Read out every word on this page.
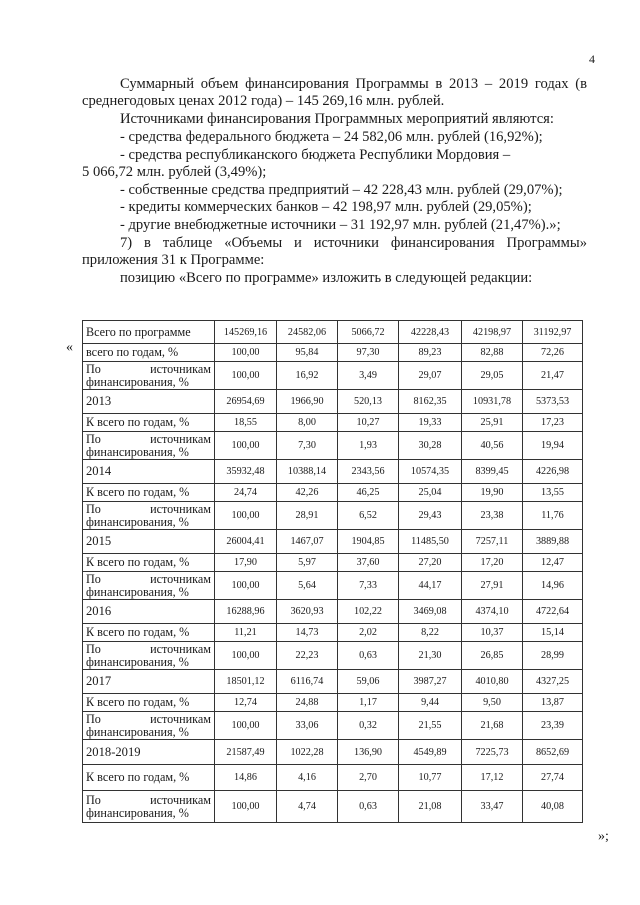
4
Суммарный объем финансирования Программы в 2013 – 2019 годах (в
среднегодовых ценах 2012 года) – 145 269,16 млн. рублей.
Источниками финансирования Программных мероприятий являются:
- средства федерального бюджета – 24 582,06 млн. рублей (16,92%);
- средства республиканского бюджета Республики Мордовия –
5 066,72 млн. рублей (3,49%);
- собственные средства предприятий – 42 228,43 млн. рублей (29,07%);
- кредиты коммерческих банков – 42 198,97 млн. рублей (29,05%);
- другие внебюджетные источники – 31 192,97 млн. рублей (21,47%).»;
7) в таблице «Объемы и источники финансирования Программы»
приложения 31 к Программе:
позицию «Всего по программе» изложить в следующей редакции:
«
»;
Всего по программе	145269,16	24582,06	5066,72	42228,43	42198,97	31192,97
всего по годам, %	100,00	95,84	97,30	89,23	82,88	72,26
По источникам финансирования, %	100,00	16,92	3,49	29,07	29,05	21,47
2013	26954,69	1966,90	520,13	8162,35	10931,78	5373,53
К всего по годам, %	18,55	8,00	10,27	19,33	25,91	17,23
По источникам финансирования, %	100,00	7,30	1,93	30,28	40,56	19,94
2014	35932,48	10388,14	2343,56	10574,35	8399,45	4226,98
К всего по годам, %	24,74	42,26	46,25	25,04	19,90	13,55
По источникам финансирования, %	100,00	28,91	6,52	29,43	23,38	11,76
2015	26004,41	1467,07	1904,85	11485,50	7257,11	3889,88
К всего по годам, %	17,90	5,97	37,60	27,20	17,20	12,47
По источникам финансирования, %	100,00	5,64	7,33	44,17	27,91	14,96
2016	16288,96	3620,93	102,22	3469,08	4374,10	4722,64
К всего по годам, %	11,21	14,73	2,02	8,22	10,37	15,14
По источникам финансирования, %	100,00	22,23	0,63	21,30	26,85	28,99
2017	18501,12	6116,74	59,06	3987,27	4010,80	4327,25
К всего по годам, %	12,74	24,88	1,17	9,44	9,50	13,87
По источникам финансирования, %	100,00	33,06	0,32	21,55	21,68	23,39
2018-2019	21587,49	1022,28	136,90	4549,89	7225,73	8652,69
К всего по годам, %	14,86	4,16	2,70	10,77	17,12	27,74
По источникам финансирования, %	100,00	4,74	0,63	21,08	33,47	40,08
